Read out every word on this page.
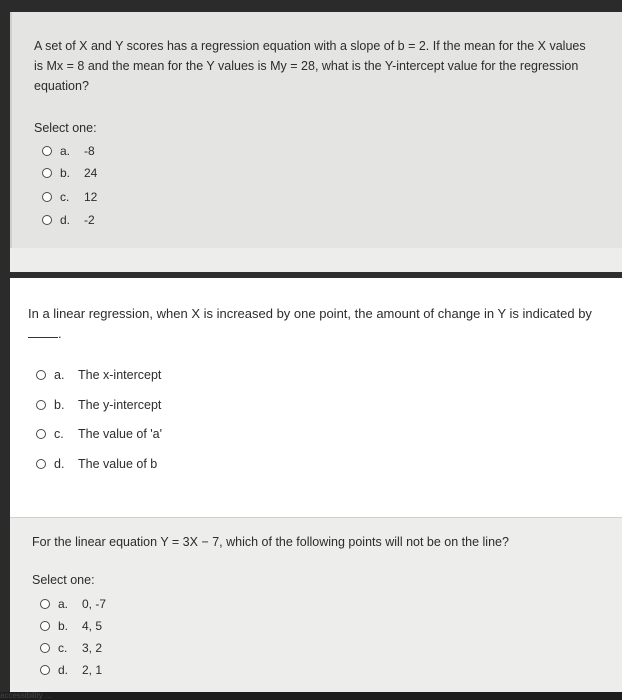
A set of X and Y scores has a regression equation with a slope of b = 2. If the mean for the X values is Mx = 8 and the mean for the Y values is My = 28, what is the Y-intercept value for the regression equation?
Select one:
a.	-8
b.	24
c.	12
d.	-2
In a linear regression, when X is increased by one point, the amount of change in Y is indicated by .
a.	The x-intercept
b.	The y-intercept
c.	The value of 'a'
d.	The value of b
For the linear equation Y = 3X − 7, which of the following points will not be on the line?
Select one:
a.	0, -7
b.	4, 5
c.	3, 2
d.	2, 1
accessibility ...
